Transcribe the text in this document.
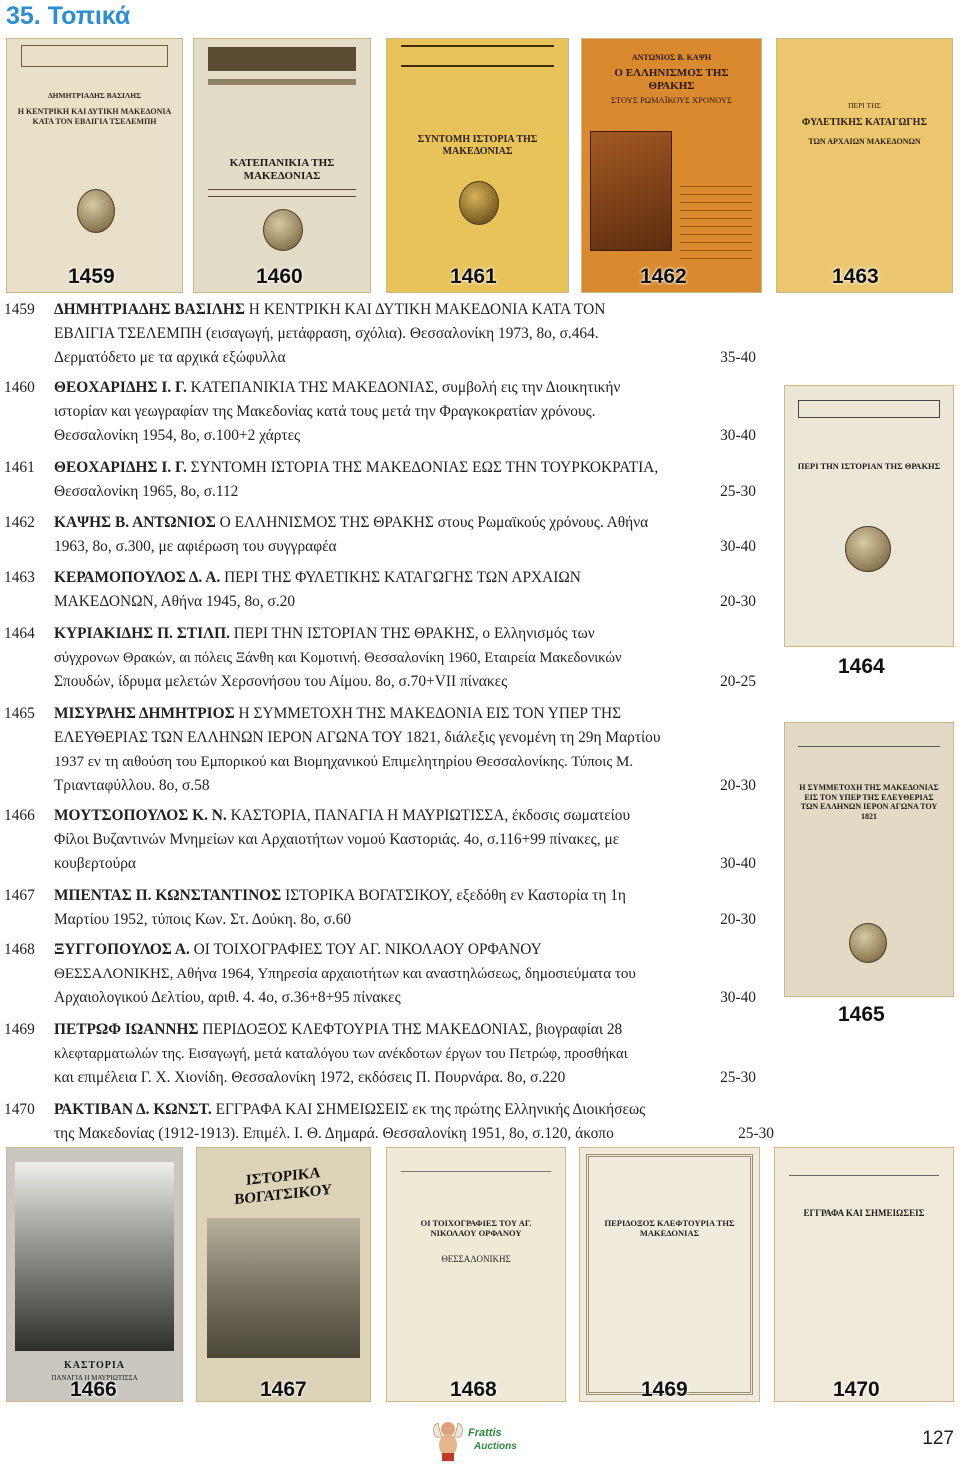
35. Τοπικά
ΔΗΜΗΤΡΙΑΔΗΣ ΒΑΣΙΛΗΣ
Η ΚΕΝΤΡΙΚΗ ΚΑΙ ΔΥΤΙΚΗ ΜΑΚΕΔΟΝΙΑ ΚΑΤΑ ΤΟΝ ΕΒΛΙΓΙΑ ΤΣΕΛΕΜΠΗ
ΚΑΤΕΠΑΝΙΚΙΑ ΤΗΣ ΜΑΚΕΔΟΝΙΑΣ
ΣΥΝΤΟΜΗ ΙΣΤΟΡΙΑ ΤΗΣ ΜΑΚΕΔΟΝΙΑΣ
ΑΝΤΩΝΙΟΣ Β. ΚΑΨΗ
Ο ΕΛΛΗΝΙΣΜΟΣ ΤΗΣ ΘΡΑΚΗΣ
ΣΤΟΥΣ ΡΩΜΑΪΚΟΥΣ ΧΡΟΝΟΥΣ
ΠΕΡΙ ΤΗΣ
ΦΥΛΕΤΙΚΗΣ ΚΑΤΑΓΩΓΗΣ
ΤΩΝ ΑΡΧΑΙΩΝ ΜΑΚΕΔΟΝΩΝ
1459	1460	1461	1462	1463
ΠΕΡΙ ΤΗΝ ΙΣΤΟΡΙΑΝ ΤΗΣ ΘΡΑΚΗΣ
1464
Η ΣΥΜΜΕΤΟΧΗ ΤΗΣ ΜΑΚΕΔΟΝΙΑΣ ΕΙΣ ΤΟΝ ΥΠΕΡ ΤΗΣ ΕΛΕΥΘΕΡΙΑΣ ΤΩΝ ΕΛΛΗΝΩΝ ΙΕΡΟΝ ΑΓΩΝΑ ΤΟΥ 1821
1465
ΚΑΣΤΟΡΙΑ
ΠΑΝΑΓΙΑ Η ΜΑΥΡΙΩΤΙΣΣΑ
ΙΣΤΟΡΙΚΑ ΒΟΓΑΤΣΙΚΟΥ
ΟΙ ΤΟΙΧΟΓΡΑΦΙΕΣ ΤΟΥ ΑΓ. ΝΙΚΟΛΑΟΥ ΟΡΦΑΝΟΥ
ΘΕΣΣΑΛΟΝΙΚΗΣ
ΠΕΡΙΔΟΞΟΣ ΚΛΕΦΤΟΥΡΙΑ ΤΗΣ ΜΑΚΕΔΟΝΙΑΣ
ΕΓΓΡΑΦΑ ΚΑΙ ΣΗΜΕΙΩΣΕΙΣ
1466	1467	1468	1469	1470
1459	ΔΗΜΗΤΡΙΑΔΗΣ ΒΑΣΙΛΗΣ Η ΚΕΝΤΡΙΚΗ ΚΑΙ ΔΥΤΙΚΗ ΜΑΚΕΔΟΝΙΑ ΚΑΤΑ ΤΟΝ
ΕΒΛΙΓΙΑ ΤΣΕΛΕΜΠΗ (εισαγωγή, μετάφραση, σχόλια). Θεσσαλονίκη 1973, 8ο, σ.464.
Δερματόδετο με τα αρχικά εξώφυλλα	35-40
1460	ΘΕΟΧΑΡΙΔΗΣ Ι. Γ. ΚΑΤΕΠΑΝΙΚΙΑ ΤΗΣ ΜΑΚΕΔΟΝΙΑΣ, συμβολή εις την Διοικητικήν
ιστορίαν και γεωγραφίαν της Μακεδονίας κατά τους μετά την Φραγκοκρατίαν χρόνους.
Θεσσαλονίκη 1954, 8ο, σ.100+2 χάρτες	30-40
1461	ΘΕΟΧΑΡΙΔΗΣ Ι. Γ. ΣΥΝΤΟΜΗ ΙΣΤΟΡΙΑ ΤΗΣ ΜΑΚΕΔΟΝΙΑΣ ΕΩΣ ΤΗΝ ΤΟΥΡΚΟΚΡΑΤΙΑ,
Θεσσαλονίκη 1965, 8ο, σ.112	25-30
1462	ΚΑΨΗΣ Β. ΑΝΤΩΝΙΟΣ Ο ΕΛΛΗΝΙΣΜΟΣ ΤΗΣ ΘΡΑΚΗΣ στους Ρωμαϊκούς χρόνους. Αθήνα
1963, 8ο, σ.300, με αφιέρωση του συγγραφέα	30-40
1463	ΚΕΡΑΜΟΠΟΥΛΟΣ Δ. Α. ΠΕΡΙ ΤΗΣ ΦΥΛΕΤΙΚΗΣ ΚΑΤΑΓΩΓΗΣ ΤΩΝ ΑΡΧΑΙΩΝ
ΜΑΚΕΔΟΝΩΝ, Αθήνα 1945, 8ο, σ.20	20-30
1464	ΚΥΡΙΑΚΙΔΗΣ Π. ΣΤΙΛΠ. ΠΕΡΙ ΤΗΝ ΙΣΤΟΡΙΑΝ ΤΗΣ ΘΡΑΚΗΣ, ο Ελληνισμός των
σύγχρονων Θρακών, αι πόλεις Ξάνθη και Κομοτινή. Θεσσαλονίκη 1960, Εταιρεία Μακεδονικών
Σπουδών, ίδρυμα μελετών Χερσονήσου του Αίμου. 8ο, σ.70+VII πίνακες	20-25
1465	ΜΙΣΥΡΛΗΣ ΔΗΜΗΤΡΙΟΣ Η ΣΥΜΜΕΤΟΧΗ ΤΗΣ ΜΑΚΕΔΟΝΙΑ ΕΙΣ ΤΟΝ ΥΠΕΡ ΤΗΣ
ΕΛΕΥΘΕΡΙΑΣ ΤΩΝ ΕΛΛΗΝΩΝ ΙΕΡΟΝ ΑΓΩΝΑ ΤΟΥ 1821, διάλεξις γενομένη τη 29η Μαρτίου
1937 εν τη αιθούση του Εμπορικού και Βιομηχανικού Επιμελητηρίου Θεσσαλονίκης. Τύποις Μ.
Τριανταφύλλου. 8ο, σ.58	20-30
1466	ΜΟΥΤΣΟΠΟΥΛΟΣ Κ. Ν. ΚΑΣΤΟΡΙΑ, ΠΑΝΑΓΙΑ Η ΜΑΥΡΙΩΤΙΣΣΑ, έκδοσις σωματείου
Φίλοι Βυζαντινών Μνημείων και Αρχαιοτήτων νομού Καστοριάς. 4ο, σ.116+99 πίνακες, με
κουβερτούρα	30-40
1467	ΜΠΕΝΤΑΣ Π. ΚΩΝΣΤΑΝΤΙΝΟΣ ΙΣΤΟΡΙΚΑ ΒΟΓΑΤΣΙΚΟΥ, εξεδόθη εν Καστορία τη 1η
Μαρτίου 1952, τύποις Κων. Στ. Δούκη. 8ο, σ.60	20-30
1468	ΞΥΓΓΟΠΟΥΛΟΣ Α. ΟΙ ΤΟΙΧΟΓΡΑΦΙΕΣ ΤΟΥ ΑΓ. ΝΙΚΟΛΑΟΥ ΟΡΦΑΝΟΥ
ΘΕΣΣΑΛΟΝΙΚΗΣ, Αθήνα 1964, Υπηρεσία αρχαιοτήτων και αναστηλώσεως, δημοσιεύματα του
Αρχαιολογικού Δελτίου, αριθ. 4. 4ο, σ.36+8+95 πίνακες	30-40
1469	ΠΕΤΡΩΦ ΙΩΑΝΝΗΣ ΠΕΡΙΔΟΞΟΣ ΚΛΕΦΤΟΥΡΙΑ ΤΗΣ ΜΑΚΕΔΟΝΙΑΣ, βιογραφίαι 28
κλεφταρματωλών της. Εισαγωγή, μετά καταλόγου των ανέκδοτων έργων του Πετρώφ, προσθήκαι
και επιμέλεια Γ. Χ. Χιονίδη. Θεσσαλονίκη 1972, εκδόσεις Π. Πουρνάρα. 8ο, σ.220	25-30
1470	ΡΑΚΤΙΒΑΝ Δ. ΚΩΝΣΤ. ΕΓΓΡΑΦΑ ΚΑΙ ΣΗΜΕΙΩΣΕΙΣ εκ της πρώτης Ελληνικής Διοικήσεως
της Μακεδονίας (1912-1913). Επιμέλ. Ι. Θ. Δημαρά. Θεσσαλονίκη 1951, 8ο, σ.120, άκοπο	25-30
Frattis
Auctions	127
